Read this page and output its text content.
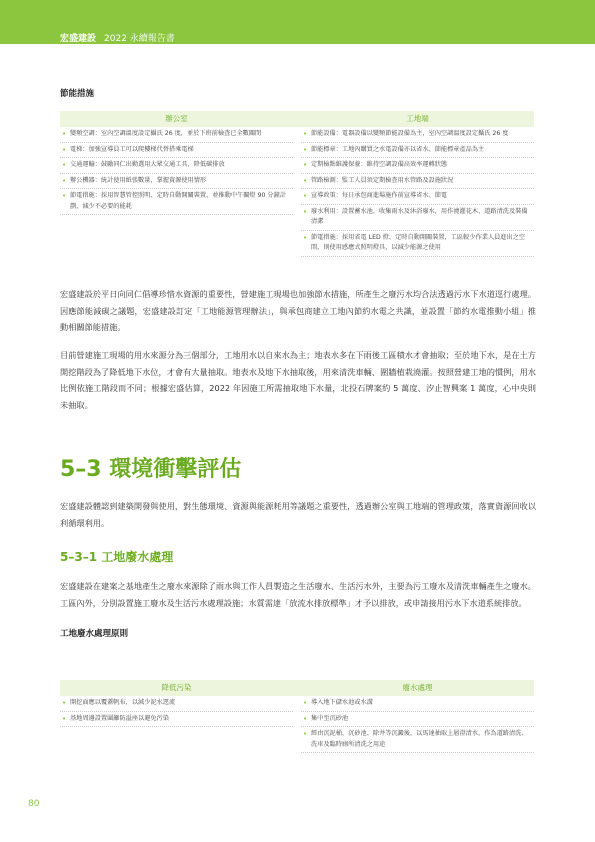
宏盛建設 2022 永續報告書
節能措施
辦公室	工地端
• 變頻空調：室內空調溫度設定攝氏 26 度，並於下班前檢查已全數關閉
• 電梯：加強宣導員工可以爬樓梯代替搭乘電梯
• 交通運輸：鼓勵同仁出勤選用大眾交通工具，降低碳排放
• 辦公機器：統計使用紙張數量，掌握資源使用情形
• 節電措施：採用智慧管控照明、定時自動開關裝置，並推動中午關燈 90 分鐘計劃，減少不必要的能耗
• 節能設備：電器設備以變頻節能設備為主，室內空調溫度設定攝氏 26 度
• 節能標章：工地內購買之水電設備亦以省水、節能標章產品為主
• 定期檢點維護保養：維持空調設備高效率運轉狀態
• 管路檢測：監工人員須定期檢查用水管路及設施狀況
• 宣導政策：每日承包商進場施作前宣導省水、節電
• 廢水利用：設置蓄水池，收集雨水及沐浴廢水，用作澆灌花木、道路清洗及裝備清潔
• 節電措施：採用省電 LED 燈、定時自動開關裝置，工區較少作業人員進出之空間，則使用感應式照明燈具，以減少能源之使用

宏盛建設於平日向同仁倡導珍惜水資源的重要性，營建施工現場也加強節水措施，所產生之廢污水均合法透過污水下水道逕行處理。因應節能減碳之議題，宏盛建設訂定「工地能源管理辦法」，與承包商建立工地內節約水電之共識，並設置「節約水電推動小組」推動相關節能措施。

目前營建施工現場的用水來源分為三個部分，工地用水以自來水為主；地表水多在下雨後工區積水才會抽取；至於地下水，是在土方開挖階段為了降低地下水位，才會有大量抽取。地表水及地下水抽取後，用來清洗車輛、圍牆植栽澆灌。按照營建工地的慣例，用水比例依施工階段而不同；根據宏盛估算，2022 年因施工所需抽取地下水量，北投石牌案約 5 萬度、汐止智興案 1 萬度，心中央則未抽取。

5–3 環境衝擊評估

宏盛建設體認到建築開發與使用，對生態環境、資源與能源耗用等議題之重要性，透過辦公室與工地端的管理政策，落實資源回收以利循環利用。

5–3–1 工地廢水處理

宏盛建設在建案之基地產生之廢水來源除了雨水與工作人員製造之生活廢水、生活污水外，主要為污工廢水及清洗車輛產生之廢水。工區內外，分別設置施工廢水及生活污水處理設施；水質需達「放流水排放標準」才予以排放，或申請接用污水下水道系統排放。

工地廢水處理原則
降低污染	廢水處理
• 開挖面應以覆蓋帆布，以減少泥水逕流
• 基地周邊設置圍籬防溢座以避免污染
• 導入地下儲水池或水溝
• 集中至沉砂池
• 經由沉泥桶、沉砂池、除井等沉澱後，以馬達抽取上層澄清水，作為道路清洗、洗車及臨時廁所清洗之用途
80
